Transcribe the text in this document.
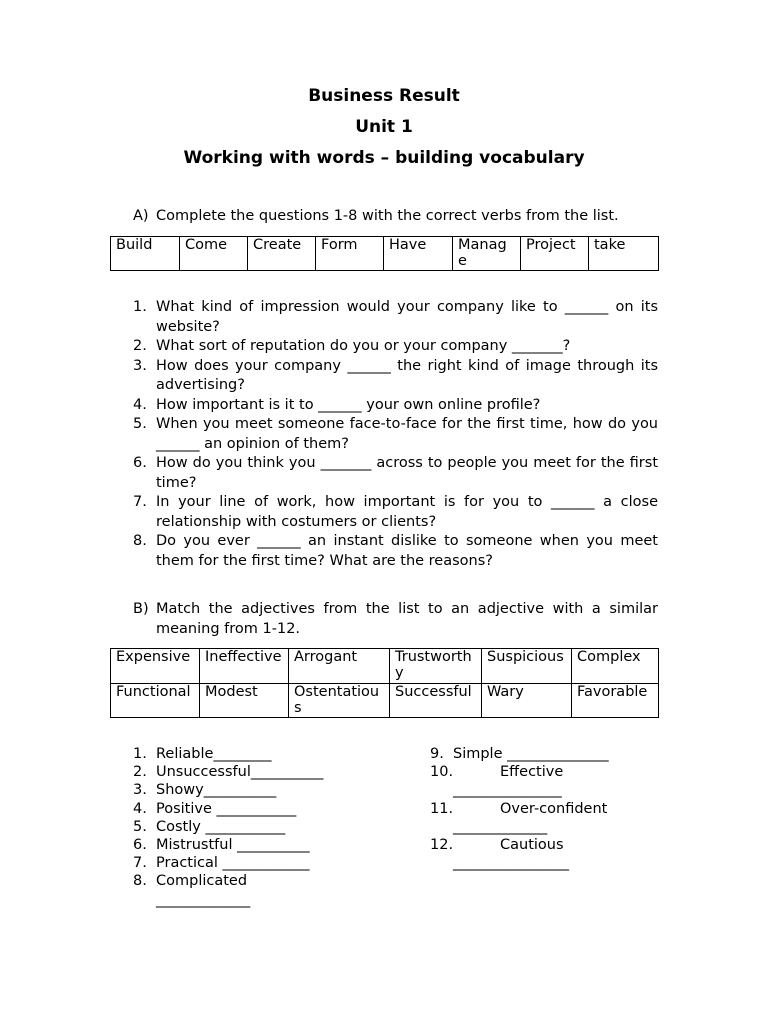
Business Result
Unit 1
Working with words – building vocabulary
A) Complete the questions 1-8 with the correct verbs from the list.
Build	Come	Create	Form	Have	Manage	Project	take
1. What kind of impression would your company like to ______ on its website?
2. What sort of reputation do you or your company _______?
3. How does your company ______ the right kind of image through its advertising?
4. How important is it to ______ your own online profile?
5. When you meet someone face-to-face for the first time, how do you ______ an opinion of them?
6. How do you think you _______ across to people you meet for the first time?
7. In your line of work, how important is for you to ______ a close relationship with costumers or clients?
8. Do you ever ______ an instant dislike to someone when you meet them for the first time? What are the reasons?
B) Match the adjectives from the list to an adjective with a similar meaning from 1-12.
Expensive	Ineffective	Arrogant	Trustworthy	Suspicious	Complex
Functional	Modest	Ostentatious	Successful	Wary	Favorable
1. Reliable________
2. Unsuccessful__________
3. Showy__________
4. Positive ___________
5. Costly ___________
6. Mistrustful __________
7. Practical ____________
8. Complicated
_____________
9. Simple ______________
10.	Effective
_______________
11.	Over-confident
_____________
12.	Cautious
________________
